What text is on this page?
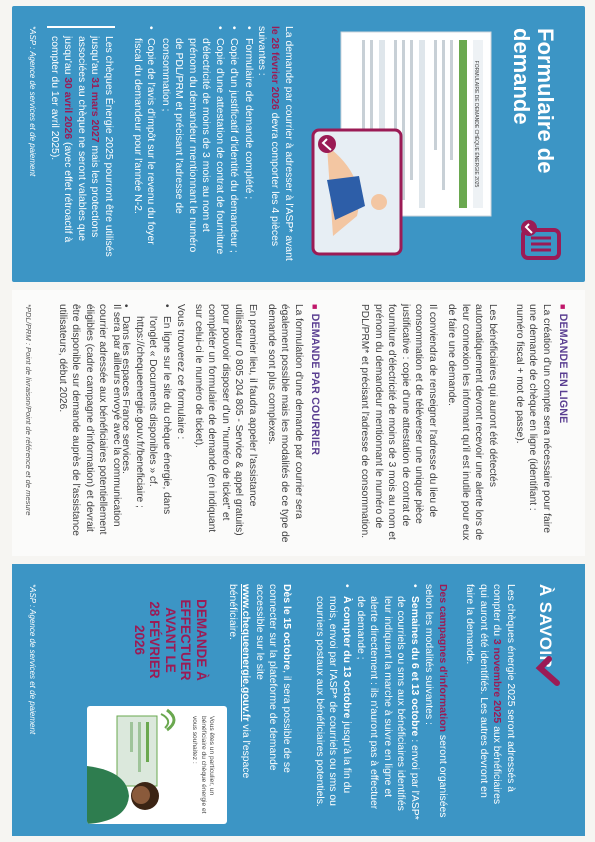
Formulaire de
demande
FORMULAIRE DE DEMANDE CHÈQUE ÉNERGIE 2025

La demande par courrier à adresser à l'ASP* avant le 28 février 2026 devra comporter les 4 pièces suivantes :

• Formulaire de demande complété ;
• Copie d'un justificatif d'identité du demandeur ;
• Copie d'une attestation de contrat de fourniture d'électricité de moins de 3 mois au nom et prénom du demandeur mentionnant le numéro de PDL/PRM et précisant l'adresse de consommation ;
• Copie de l'avis d'impôt sur le revenu du foyer fiscal du demandeur pour l'année N-2.

Les chèques Énergie 2025 pourront être utilisés jusqu'au 31 mars 2027 mais les protections associées au chèque ne seront valables que jusqu'au 30 avril 2026 (avec effet rétroactif à compter du 1er avril 2025).

*ASP : Agence de services et de paiement

■ DEMANDE EN LIGNE

La création d'un compte sera nécessaire pour faire une demande de chèque en ligne (identifiant : numéro fiscal + mot de passe).

Les bénéficiaires qui auront été détectés automatiquement devront recevoir une alerte lors de leur connexion les informant qu'il est inutile pour eux de faire une demande.

Il conviendra de renseigner l'adresse du lieu de consommation et de téléverser une unique pièce justificative : copie d'une attestation de contrat de fourniture d'électricité de moins de 3 mois au nom et prénom du demandeur mentionnant le numéro de PDL/PRM* et précisant l'adresse de consommation.

■ DEMANDE PAR COURRIER

La formulation d'une demande par courrier sera également possible mais les modalités de ce type de demande sont plus complexes.

En premier lieu, il faudra appeler l'assistance utilisateur 0 805 204 805 - Service & appel gratuits) pour pouvoir disposer d'un "numéro de ticket" et compléter un formulaire de demande (en indiquant sur celui-ci le numéro de ticket).

Vous trouverez ce formulaire :

• En ligne sur le site du chèque énergie, dans l'onglet « Documents disponibles » cf. https://chequeenergie.gouv.fr/beneficiaire ;
• Dans les espaces France services.

Il sera par ailleurs envoyé avec la communication courrier adressée aux bénéficiaires potentiellement éligibles (cadre campagne d'information) et devrait être disponible sur demande auprès de l'assistance utilisateurs, début 2026.

*PDL/PRM : Point de livraison/Point de référence et de mesure

À SAVOIR

Les chèques énergie 2025 seront adressés à compter du 3 novembre 2025 aux bénéficiaires qui auront été identifiés. Les autres devront en faire la demande.

Des campagnes d'information seront organisées selon les modalités suivantes :

• Semaines du 6 et 13 octobre : envoi par l'ASP* de courriels ou sms aux bénéficiaires identifiés leur indiquant la marche à suivre en ligne et alerte directement : ils n'auront pas à effectuer de demande ;
• À compter du 13 octobre jusqu'à la fin du mois, envoi par l'ASP* de courriels ou sms ou courriers postaux aux bénéficiaires potentiels.

Dès le 15 octobre, il sera possible de se connecter sur la plateforme de demande accessible sur le site www.chequeenergie.gouv.fr via l'espace bénéficiaire.

DEMANDE À
EFFECTUER
AVANT LE
28 FÉVRIER
2026

Vous êtes un particulier, un bénéficiaire du chèque énergie et vous souhaitez :

*ASP : Agence de services et de paiement
